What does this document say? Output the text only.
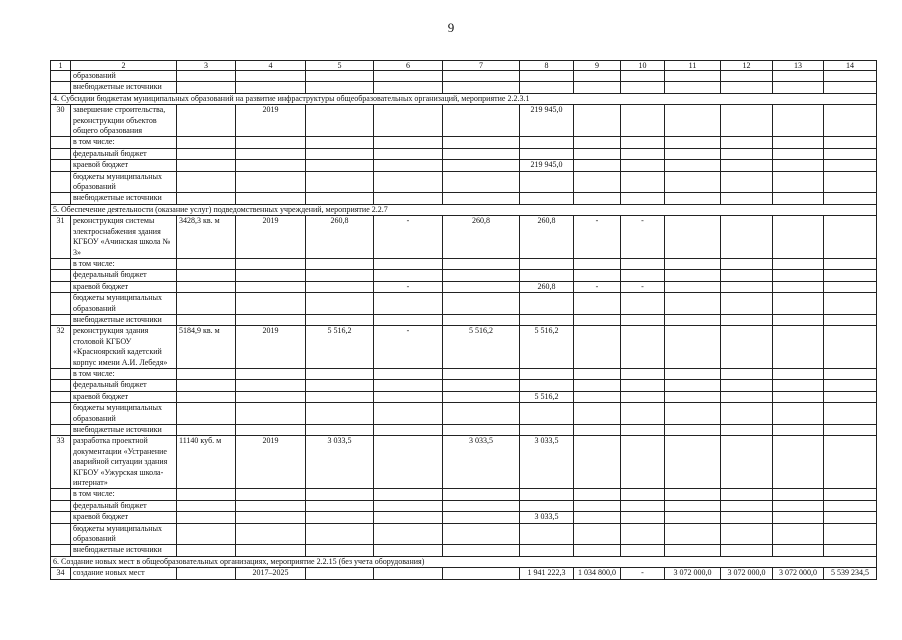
9
1	2	3	4	5	6	7	8	9	10	11	12	13	14
	образований												
	внебюджетные источники												
4. Субсидии бюджетам муниципальных образований на развитие инфраструктуры общеобразовательных организаций, мероприятие 2.2.3.1													
30	завершение строительства, реконструкции объектов общего образования		2019				219 945,0						
	в том числе:												
	федеральный бюджет												
	краевой бюджет						219 945,0						
	бюджеты муниципальных образований												
	внебюджетные источники												
5. Обеспечение деятельности (оказание услуг) подведомственных учреждений, мероприятие 2.2.7													
31	реконструкция системы электроснабжения здания КГБОУ «Ачинская школа № 3»	3428,3 кв. м	2019	260,8	-	260,8	260,8	-	-				
	в том числе:												
	федеральный бюджет												
	краевой бюджет				-		260,8	-	-				
	бюджеты муниципальных образований												
	внебюджетные источники												
32	реконструкция здания столовой КГБОУ «Красноярский кадетский корпус имени А.И. Лебедя»	5184,9 кв. м	2019	5 516,2	-	5 516,2	5 516,2						
	в том числе:												
	федеральный бюджет												
	краевой бюджет						5 516,2						
	бюджеты муниципальных образований												
	внебюджетные источники												
33	разработка проектной документации «Устранение аварийной ситуации здания КГБОУ «Ужурская школа-интернат»	11140 куб. м	2019	3 033,5		3 033,5	3 033,5						
	в том числе:												
	федеральный бюджет												
	краевой бюджет						3 033,5						
	бюджеты муниципальных образований												
	внебюджетные источники												
6. Создание новых мест в общеобразовательных организациях, мероприятие 2.2.15 (без учета оборудования)													
34	создание новых мест		2017–2025				1 941 222,3	1 034 800,0	-	3 072 000,0	3 072 000,0	3 072 000,0	5 539 234,5
